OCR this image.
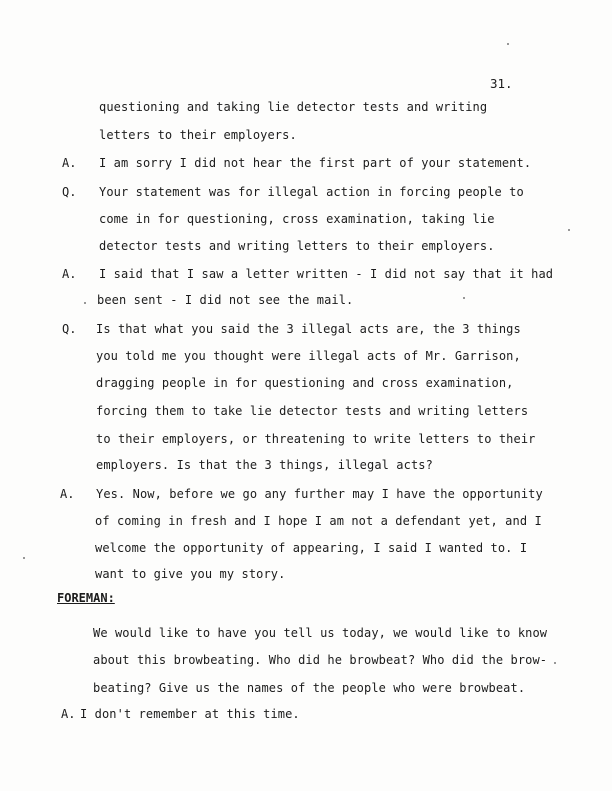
31.
questioning and taking lie detector tests and writing
letters to their employers.
A. I am sorry I did not hear the first part of your statement.
Q. Your statement was for illegal action in forcing people to
come in for questioning, cross examination, taking lie
detector tests and writing letters to their employers.
A. I said that I saw a letter written - I did not say that it had
been sent - I did not see the mail.
Q. Is that what you said the 3 illegal acts are, the 3 things
you told me you thought were illegal acts of Mr. Garrison,
dragging people in for questioning and cross examination,
forcing them to take lie detector tests and writing letters
to their employers, or threatening to write letters to their
employers. Is that the 3 things, illegal acts?
A. Yes. Now, before we go any further may I have the opportunity
of coming in fresh and I hope I am not a defendant yet, and I
welcome the opportunity of appearing, I said I wanted to. I
want to give you my story.
FOREMAN:
We would like to have you tell us today, we would like to know
about this browbeating. Who did he browbeat? Who did the brow-
beating? Give us the names of the people who were browbeat.
A. I don't remember at this time.
